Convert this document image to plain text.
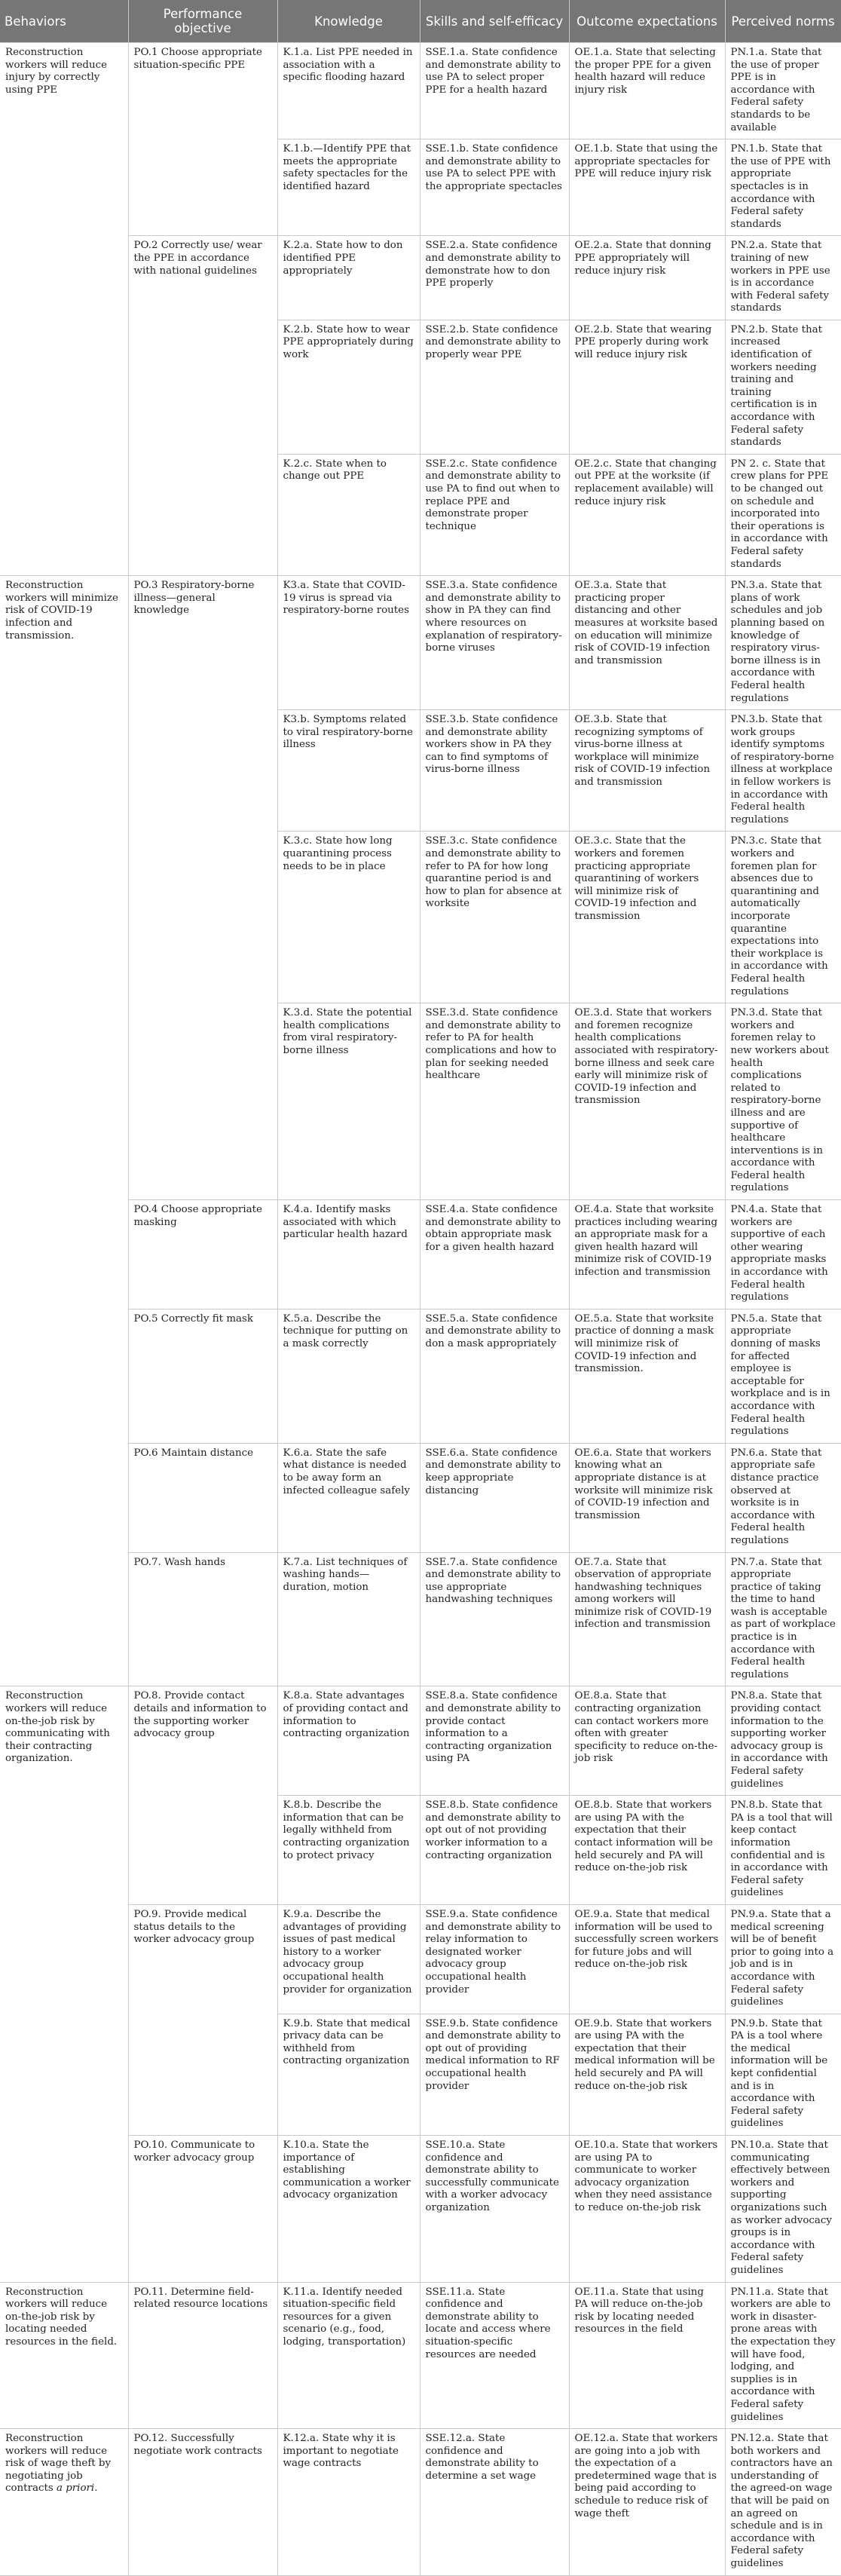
Behaviors	Performance objective	Knowledge	Skills and self-efficacy	Outcome expectations	Perceived norms
Reconstruction workers will reduce injury by correctly using PPE	PO.1 Choose appropriate situation-specific PPE	K.1.a. List PPE needed in association with a specific flooding hazard	SSE.1.a. State confidence and demonstrate ability to use PA to select proper PPE for a health hazard	OE.1.a. State that selecting the proper PPE for a given health hazard will reduce injury risk	PN.1.a. State that the use of proper PPE is in accordance with Federal safety standards to be available
		K.1.b.—Identify PPE that meets the appropriate safety spectacles for the identified hazard	SSE.1.b. State confidence and demonstrate ability to use PA to select PPE with the appropriate spectacles	OE.1.b. State that using the appropriate spectacles for PPE will reduce injury risk	PN.1.b. State that the use of PPE with appropriate spectacles is in accordance with Federal safety standards
	PO.2 Correctly use/ wear the PPE in accordance with national guidelines	K.2.a. State how to don identified PPE appropriately	SSE.2.a. State confidence and demonstrate ability to demonstrate how to don PPE properly	OE.2.a. State that donning PPE appropriately will reduce injury risk	PN.2.a. State that training of new workers in PPE use is in accordance with Federal safety standards
		K.2.b. State how to wear PPE appropriately during work	SSE.2.b. State confidence and demonstrate ability to properly wear PPE	OE.2.b. State that wearing PPE properly during work will reduce injury risk	PN.2.b. State that increased identification of workers needing training and training certification is in accordance with Federal safety standards
		K.2.c. State when to change out PPE	SSE.2.c. State confidence and demonstrate ability to use PA to find out when to replace PPE and demonstrate proper technique	OE.2.c. State that changing out PPE at the worksite (if replacement available) will reduce injury risk	PN 2. c. State that crew plans for PPE to be changed out on schedule and incorporated into their operations is in accordance with Federal safety standards
Reconstruction workers will minimize risk of COVID-19 infection and transmission.	PO.3 Respiratory-borne illness—general knowledge	K3.a. State that COVID-19 virus is spread via respiratory-borne routes	SSE.3.a. State confidence and demonstrate ability to show in PA they can find where resources on explanation of respiratory-borne viruses	OE.3.a. State that practicing proper distancing and other measures at worksite based on education will minimize risk of COVID-19 infection and transmission	PN.3.a. State that plans of work schedules and job planning based on knowledge of respiratory virus-borne illness is in accordance with Federal health regulations
		K3.b. Symptoms related to viral respiratory-borne illness	SSE.3.b. State confidence and demonstrate ability workers show in PA they can to find symptoms of virus-borne illness	OE.3.b. State that recognizing symptoms of virus-borne illness at workplace will minimize risk of COVID-19 infection and transmission	PN.3.b. State that work groups identify symptoms of respiratory-borne illness at workplace in fellow workers is in accordance with Federal health regulations
		K.3.c. State how long quarantining process needs to be in place	SSE.3.c. State confidence and demonstrate ability to refer to PA for how long quarantine period is and how to plan for absence at worksite	OE.3.c. State that the workers and foremen practicing appropriate quarantining of workers will minimize risk of COVID-19 infection and transmission	PN.3.c. State that workers and foremen plan for absences due to quarantining and automatically incorporate quarantine expectations into their workplace is in accordance with Federal health regulations
		K.3.d. State the potential health complications from viral respiratory-borne illness	SSE.3.d. State confidence and demonstrate ability to refer to PA for health complications and how to plan for seeking needed healthcare	OE.3.d. State that workers and foremen recognize health complications associated with respiratory-borne illness and seek care early will minimize risk of COVID-19 infection and transmission	PN.3.d. State that workers and foremen relay to new workers about health complications related to respiratory-borne illness and are supportive of healthcare interventions is in accordance with Federal health regulations
	PO.4 Choose appropriate masking	K.4.a. Identify masks associated with which particular health hazard	SSE.4.a. State confidence and demonstrate ability to obtain appropriate mask for a given health hazard	OE.4.a. State that worksite practices including wearing an appropriate mask for a given health hazard will minimize risk of COVID-19 infection and transmission	PN.4.a. State that workers are supportive of each other wearing appropriate masks in accordance with Federal health regulations
	PO.5 Correctly fit mask	K.5.a. Describe the technique for putting on a mask correctly	SSE.5.a. State confidence and demonstrate ability to don a mask appropriately	OE.5.a. State that worksite practice of donning a mask will minimize risk of COVID-19 infection and transmission.	PN.5.a. State that appropriate donning of masks for affected employee is acceptable for workplace and is in accordance with Federal health regulations
	PO.6 Maintain distance	K.6.a. State the safe what distance is needed to be away form an infected colleague safely	SSE.6.a. State confidence and demonstrate ability to keep appropriate distancing	OE.6.a. State that workers knowing what an appropriate distance is at worksite will minimize risk of COVID-19 infection and transmission	PN.6.a. State that appropriate safe distance practice observed at worksite is in accordance with Federal health regulations
	PO.7. Wash hands	K.7.a. List techniques of washing hands—duration, motion	SSE.7.a. State confidence and demonstrate ability to use appropriate handwashing techniques	OE.7.a. State that observation of appropriate handwashing techniques among workers will minimize risk of COVID-19 infection and transmission	PN.7.a. State that appropriate practice of taking the time to hand wash is acceptable as part of workplace practice is in accordance with Federal health regulations
Reconstruction workers will reduce on-the-job risk by communicating with their contracting organization.	PO.8. Provide contact details and information to the supporting worker advocacy group	K.8.a. State advantages of providing contact and information to contracting organization	SSE.8.a. State confidence and demonstrate ability to provide contact information to a contracting organization using PA	OE.8.a. State that contracting organization can contact workers more often with greater specificity to reduce on-the-job risk	PN.8.a. State that providing contact information to the supporting worker advocacy group is in accordance with Federal safety guidelines
		K.8.b. Describe the information that can be legally withheld from contracting organization to protect privacy	SSE.8.b. State confidence and demonstrate ability to opt out of not providing worker information to a contracting organization	OE.8.b. State that workers are using PA with the expectation that their contact information will be held securely and PA will reduce on-the-job risk	PN.8.b. State that PA is a tool that will keep contact information confidential and is in accordance with Federal safety guidelines
	PO.9. Provide medical status details to the worker advocacy group	K.9.a. Describe the advantages of providing issues of past medical history to a worker advocacy group occupational health provider for organization	SSE.9.a. State confidence and demonstrate ability to relay information to designated worker advocacy group occupational health provider	OE.9.a. State that medical information will be used to successfully screen workers for future jobs and will reduce on-the-job risk	PN.9.a. State that a medical screening will be of benefit prior to going into a job and is in accordance with Federal safety guidelines
		K.9.b. State that medical privacy data can be withheld from contracting organization	SSE.9.b. State confidence and demonstrate ability to opt out of providing medical information to RF occupational health provider	OE.9.b. State that workers are using PA with the expectation that their medical information will be held securely and PA will reduce on-the-job risk	PN.9.b. State that PA is a tool where the medical information will be kept confidential and is in accordance with Federal safety guidelines
	PO.10. Communicate to worker advocacy group	K.10.a. State the importance of establishing communication a worker advocacy organization	SSE.10.a. State confidence and demonstrate ability to successfully communicate with a worker advocacy organization	OE.10.a. State that workers are using PA to communicate to worker advocacy organization when they need assistance to reduce on-the-job risk	PN.10.a. State that communicating effectively between workers and supporting organizations such as worker advocacy groups is in accordance with Federal safety guidelines
Reconstruction workers will reduce on-the-job risk by locating needed resources in the field.	PO.11. Determine field-related resource locations	K.11.a. Identify needed situation-specific field resources for a given scenario (e.g., food, lodging, transportation)	SSE.11.a. State confidence and demonstrate ability to locate and access where situation-specific resources are needed	OE.11.a. State that using PA will reduce on-the-job risk by locating needed resources in the field	PN.11.a. State that workers are able to work in disaster-prone areas with the expectation they will have food, lodging, and supplies is in accordance with Federal safety guidelines
Reconstruction workers will reduce risk of wage theft by negotiating job contracts a priori.	PO.12. Successfully negotiate work contracts	K.12.a. State why it is important to negotiate wage contracts	SSE.12.a. State confidence and demonstrate ability to determine a set wage	OE.12.a. State that workers are going into a job with the expectation of a predetermined wage that is being paid according to schedule to reduce risk of wage theft	PN.12.a. State that both workers and contractors have an understanding of the agreed-on wage that will be paid on an agreed on schedule and is in accordance with Federal safety guidelines
